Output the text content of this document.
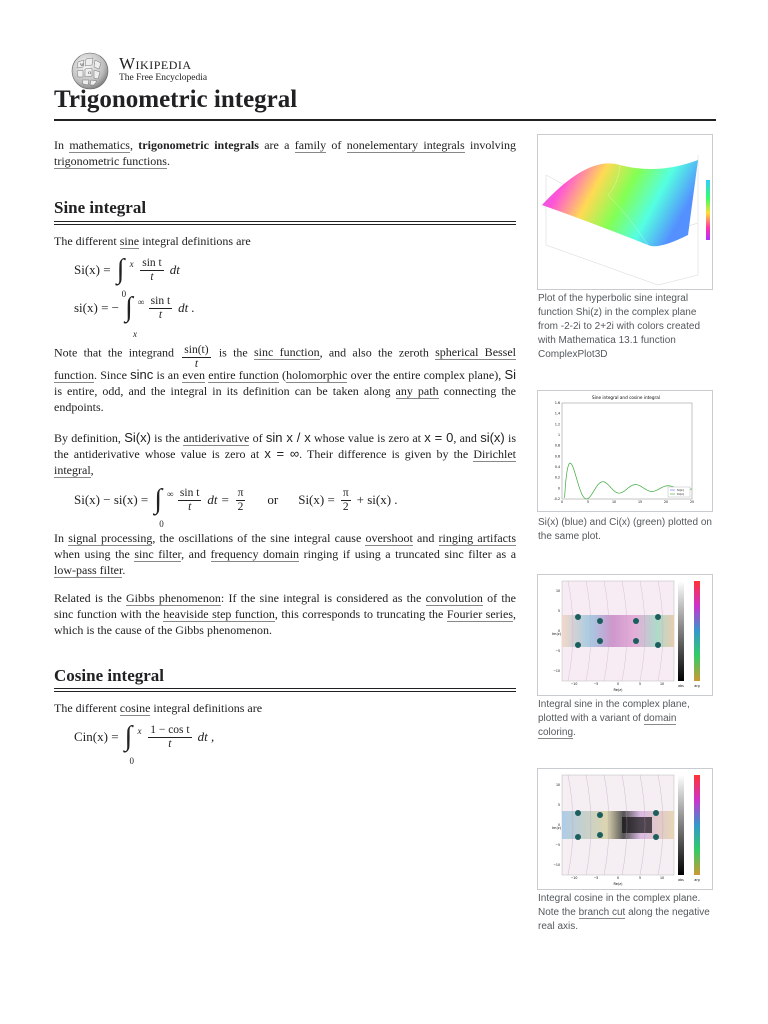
W
Ω Wikipedia
The Free Encyclopedia
Trigonometric integral
In mathematics, trigonometric integrals are a family of nonelementary integrals involving trigonometric functions.
Sine integral
The different sine integral definitions are
Si(x) = ∫ x
0
$\frac{\text{sin t}}{t}$ dt
si(x) = − ∫ ∞
x
$\frac{\text{sin t}}{t}$ dt .
Note that the integrand $\frac{\sin(t)}{t}$ is the sinc function, and also the zeroth spherical Bessel function. Since sinc is an even entire function (holomorphic over the entire complex plane), Si is entire, odd, and the integral in its definition can be taken along any path connecting the endpoints.
By definition, Si(x) is the antiderivative of sin x / x whose value is zero at x = 0, and si(x) is the antiderivative whose value is zero at x = ∞. Their difference is given by the Dirichlet integral,
Si(x) − si(x) = ∫ ∞
0
$\frac{\text{sin t}}{t}$ dt = $\frac{\pi}{2}$ or $Si(x) = \frac{\pi}{2} + si(x)$ .
In signal processing, the oscillations of the sine integral cause overshoot and ringing artifacts when using the sinc filter, and frequency domain ringing if using a truncated sinc filter as a low-pass filter.
Related is the Gibbs phenomenon: If the sine integral is considered as the convolution of the sinc function with the heaviside step function, this corresponds to truncating the Fourier series, which is the cause of the Gibbs phenomenon.
Cosine integral
The different cosine integral definitions are
Cin(x) = ∫ x
0
$\frac{\text{1 − cos t}}{t}$ dt ,
Plot of the hyperbolic sine integral function Shi(z) in the complex plane from -2-2i to 2+2i with colors created with Mathematica 13.1 function ComplexPlot3D
Sine integral and cosine integral
1.6
1.4
1.2
1
0.8
0.6
0.4
0.2
0
-0.2
0	5	10	15	20	25
Si(x)
Ci(x)
Si(x) (blue) and Ci(x) (green) plotted on the same plot.
Im(z)
Re(z)
abs	arg
10
5
0
−5
−10
−10	−5	0	5	10
Integral sine in the complex plane, plotted with a variant of domain coloring.
Im(z)
Re(z)
abs	arg
10
5
0
−5
−10
−10	−5	0	5	10
Integral cosine in the complex plane. Note the branch cut along the negative real axis.
